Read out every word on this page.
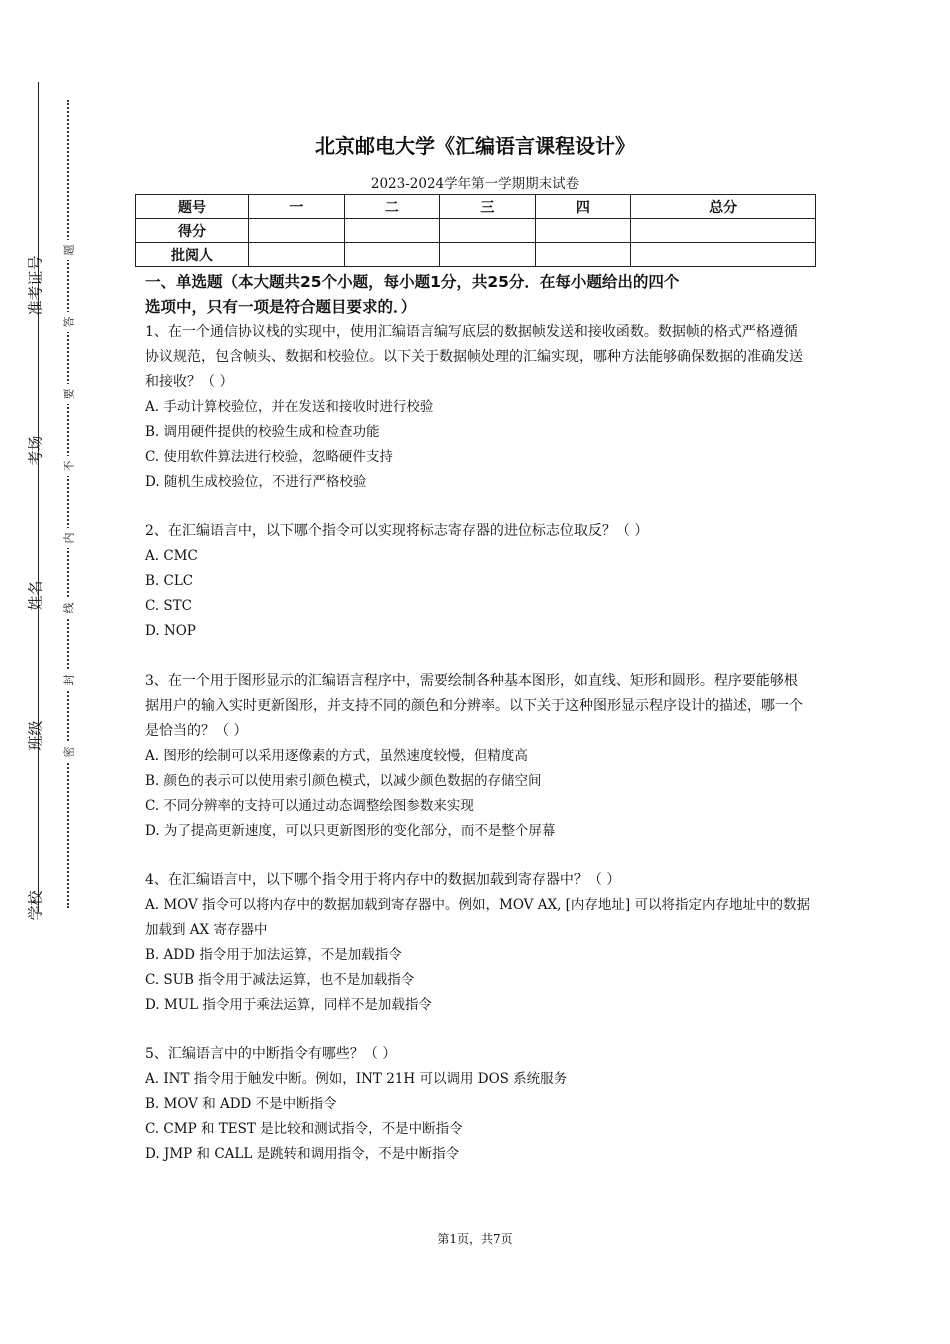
准考证号
考场
姓名
班级
学校
题
答
要
不
内
线
封
密
北京邮电大学《汇编语言课程设计》
2023-2024学年第一学期期末试卷
题号	一	二	三	四	总分
得分					
批阅人					
一、单选题（本大题共25个小题，每小题1分，共25分．在每小题给出的四个
选项中，只有一项是符合题目要求的．）

1、在一个通信协议栈的实现中，使用汇编语言编写底层的数据帧发送和接收函数。数据帧的格式严格遵循协议规范，包含帧头、数据和校验位。以下关于数据帧处理的汇编实现，哪种方法能够确保数据的准确发送和接收？（ ）

A. 手动计算校验位，并在发送和接收时进行校验

B. 调用硬件提供的校验生成和检查功能

C. 使用软件算法进行校验，忽略硬件支持

D. 随机生成校验位，不进行严格校验

2、在汇编语言中，以下哪个指令可以实现将标志寄存器的进位标志位取反？（ ）

A. CMC

B. CLC

C. STC

D. NOP

3、在一个用于图形显示的汇编语言程序中，需要绘制各种基本图形，如直线、矩形和圆形。程序要能够根据用户的输入实时更新图形，并支持不同的颜色和分辨率。以下关于这种图形显示程序设计的描述，哪一个是恰当的？（ ）

A. 图形的绘制可以采用逐像素的方式，虽然速度较慢，但精度高

B. 颜色的表示可以使用索引颜色模式，以减少颜色数据的存储空间

C. 不同分辨率的支持可以通过动态调整绘图参数来实现

D. 为了提高更新速度，可以只更新图形的变化部分，而不是整个屏幕

4、在汇编语言中，以下哪个指令用于将内存中的数据加载到寄存器中？（ ）

A. MOV 指令可以将内存中的数据加载到寄存器中。例如，MOV AX, [内存地址] 可以将指定内存地址中的数据加载到 AX 寄存器中

B. ADD 指令用于加法运算，不是加载指令

C. SUB 指令用于减法运算，也不是加载指令

D. MUL 指令用于乘法运算，同样不是加载指令

5、汇编语言中的中断指令有哪些？（ ）

A. INT 指令用于触发中断。例如，INT 21H 可以调用 DOS 系统服务

B. MOV 和 ADD 不是中断指令

C. CMP 和 TEST 是比较和测试指令，不是中断指令

D. JMP 和 CALL 是跳转和调用指令，不是中断指令

第1页，共7页
